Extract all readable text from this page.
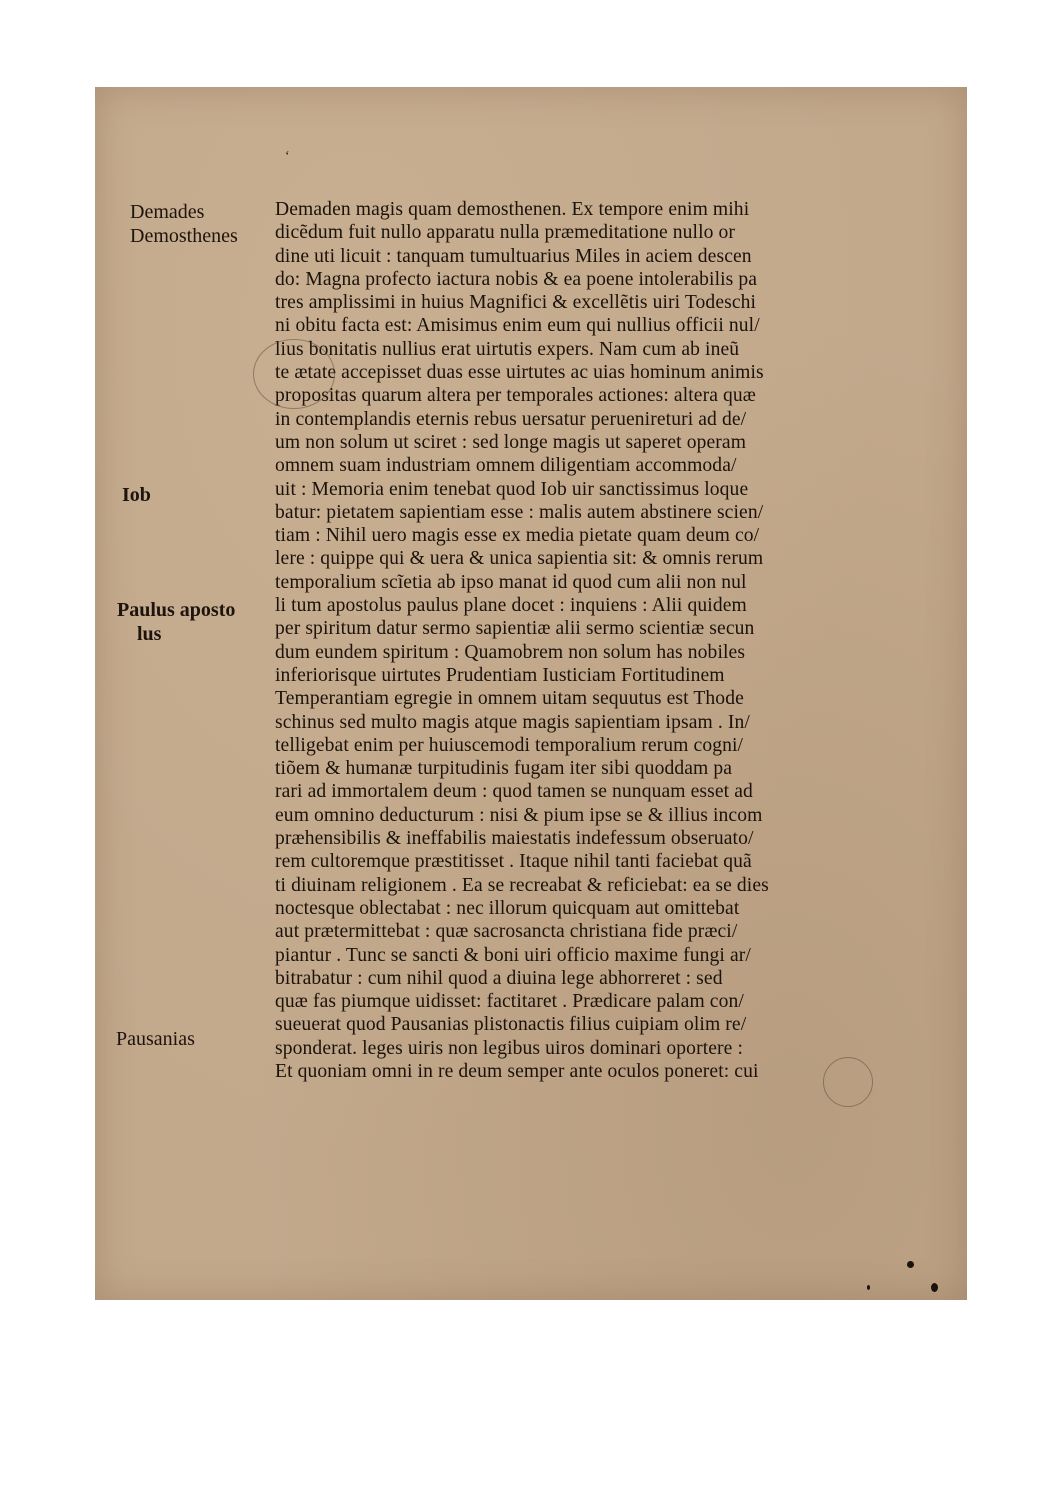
‘
Demades
Demosthenes
Iob
Paulus aposto
lus
Pausanias
Demaden magis quam demosthenen. Ex tempore enim mihi
dicẽdum fuit nullo apparatu nulla præmeditatione nullo or
dine uti licuit : tanquam tumultuarius Miles in aciem descen
do: Magna profecto iactura nobis & ea poene intolerabilis pa
tres amplissimi in huius Magnifici & excellẽtis uiri Todeschi
ni obitu facta est: Amisimus enim eum qui nullius officii nul/
lius bonitatis nullius erat uirtutis expers. Nam cum ab ineũ
te ætate accepisset duas esse uirtutes ac uias hominum animis
propositas quarum altera per temporales actiones: altera quæ
in contemplandis eternis rebus uersatur peruenireturi ad de/
um non solum ut sciret : sed longe magis ut saperet operam
omnem suam industriam omnem diligentiam accommoda/
uit : Memoria enim tenebat quod Iob uir sanctissimus loque
batur: pietatem sapientiam esse : malis autem abstinere scien/
tiam : Nihil uero magis esse ex media pietate quam deum co/
lere : quippe qui & uera & unica sapientia sit: & omnis rerum
temporalium scĩetia ab ipso manat id quod cum alii non nul
li tum apostolus paulus plane docet : inquiens : Alii quidem
per spiritum datur sermo sapientiæ alii sermo scientiæ secun
dum eundem spiritum : Quamobrem non solum has nobiles
inferiorisque uirtutes Prudentiam Iusticiam Fortitudinem
Temperantiam egregie in omnem uitam sequutus est Thode
schinus sed multo magis atque magis sapientiam ipsam . In/
telligebat enim per huiuscemodi temporalium rerum cogni/
tiõem & humanæ turpitudinis fugam iter sibi quoddam pa
rari ad immortalem deum : quod tamen se nunquam esset ad
eum omnino deducturum : nisi & pium ipse se & illius incom
præhensibilis & ineffabilis maiestatis indefessum obseruato/
rem cultoremque præstitisset . Itaque nihil tanti faciebat quã
ti diuinam religionem . Ea se recreabat & reficiebat: ea se dies
noctesque oblectabat : nec illorum quicquam aut omittebat
aut prætermittebat : quæ sacrosancta christiana fide præci/
piantur . Tunc se sancti & boni uiri officio maxime fungi ar/
bitrabatur : cum nihil quod a diuina lege abhorreret : sed
quæ fas piumque uidisset: factitaret . Prædicare palam con/
sueuerat quod Pausanias plistonactis filius cuipiam olim re/
sponderat. leges uiris non legibus uiros dominari oportere :
Et quoniam omni in re deum semper ante oculos poneret: cui
